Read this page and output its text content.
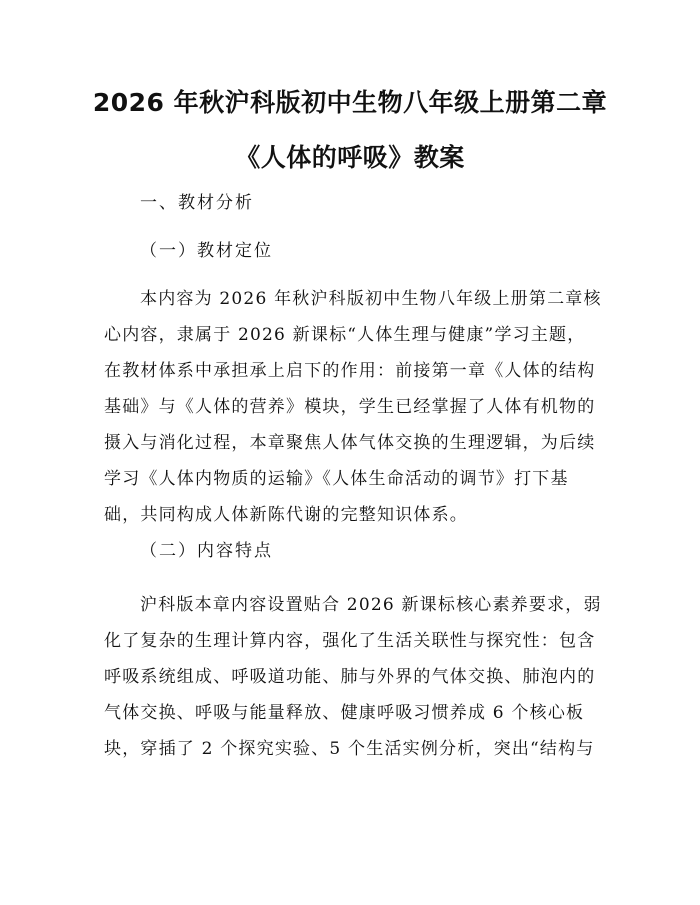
2026 年秋沪科版初中生物八年级上册第二章
《人体的呼吸》教案
一、教材分析
（一）教材定位
本内容为 2026 年秋沪科版初中生物八年级上册第二章核
心内容，隶属于 2026 新课标“人体生理与健康”学习主题，
在教材体系中承担承上启下的作用：前接第一章《人体的结构
基础》与《人体的营养》模块，学生已经掌握了人体有机物的
摄入与消化过程，本章聚焦人体气体交换的生理逻辑，为后续
学习《人体内物质的运输》《人体生命活动的调节》打下基
础，共同构成人体新陈代谢的完整知识体系。
（二）内容特点
沪科版本章内容设置贴合 2026 新课标核心素养要求，弱
化了复杂的生理计算内容，强化了生活关联性与探究性：包含
呼吸系统组成、呼吸道功能、肺与外界的气体交换、肺泡内的
气体交换、呼吸与能量释放、健康呼吸习惯养成 6 个核心板
块，穿插了 2 个探究实验、5 个生活实例分析，突出“结构与
